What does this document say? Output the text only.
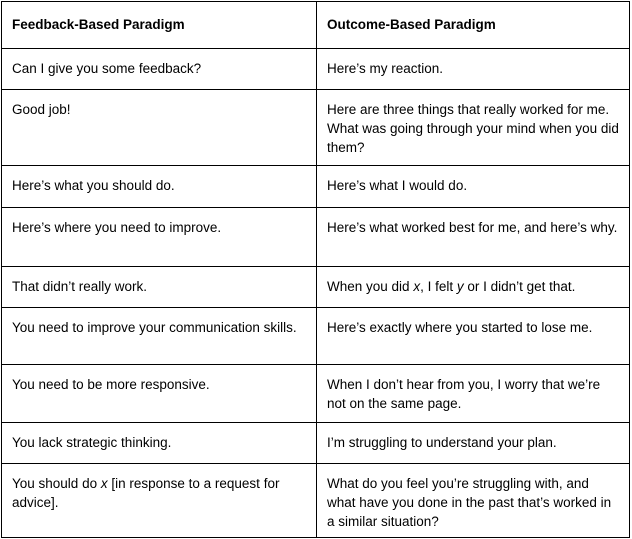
Feedback-Based Paradigm	Outcome-Based Paradigm
Can I give you some feedback?	Here’s my reaction.
Good job!	Here are three things that really worked for me. What was going through your mind when you did them?
Here’s what you should do.	Here’s what I would do.
Here’s where you need to improve.	Here’s what worked best for me, and here’s why.
That didn’t really work.	When you did x, I felt y or I didn’t get that.
You need to improve your communication skills.	Here’s exactly where you started to lose me.
You need to be more responsive.	When I don’t hear from you, I worry that we’re not on the same page.
You lack strategic thinking.	I’m struggling to understand your plan.
You should do x [in response to a request for advice].	What do you feel you’re struggling with, and what have you done in the past that’s worked in a similar situation?
